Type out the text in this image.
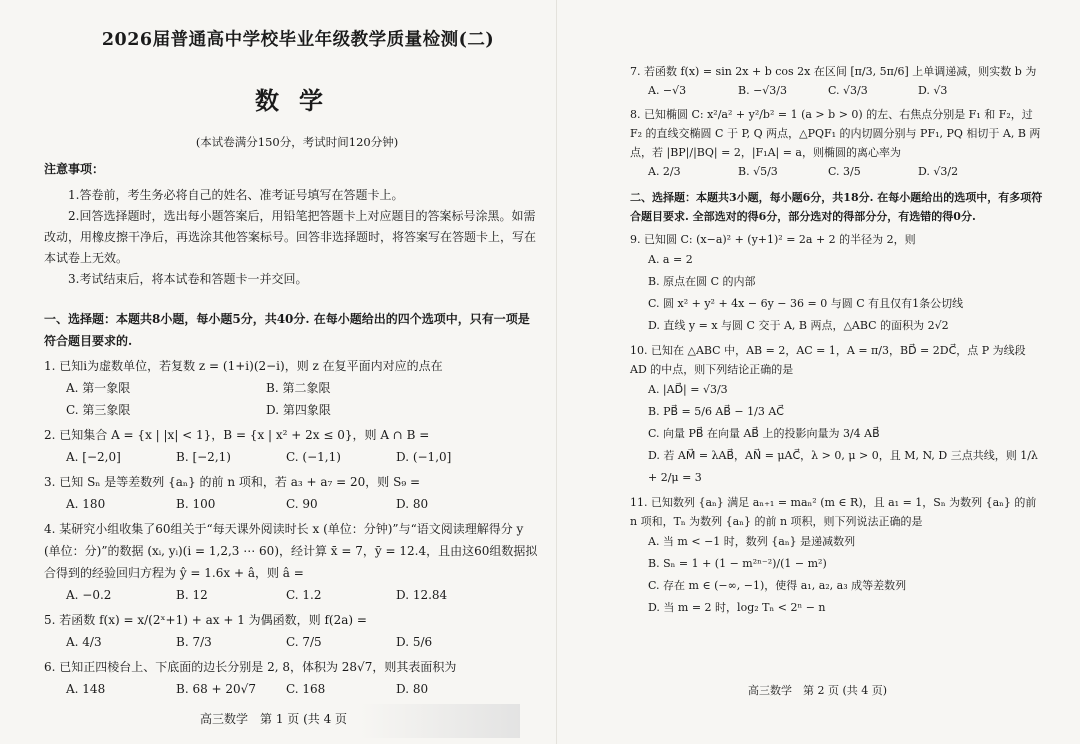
2026届普通高中学校毕业年级教学质量检测(二)
数学
(本试卷满分150分，考试时间120分钟)
注意事项：

1.答卷前，考生务必将自己的姓名、准考证号填写在答题卡上。

2.回答选择题时，选出每小题答案后，用铅笔把答题卡上对应题目的答案标号涂黑。如需改动，用橡皮擦干净后，再选涂其他答案标号。回答非选择题时，将答案写在答题卡上，写在本试卷上无效。

3.考试结束后，将本试卷和答题卡一并交回。

一、选择题：本题共8小题，每小题5分，共40分. 在每小题给出的四个选项中，只有一项是符合题目要求的.
1. 已知i为虚数单位，若复数 z = (1+i)(2−i)，则 z 在复平面内对应的点在
A. 第一象限	B. 第二象限
C. 第三象限	D. 第四象限
2. 已知集合 A = {x | |x| < 1}，B = {x | x² + 2x ≤ 0}，则 A ∩ B =
A. [−2,0]	B. [−2,1)	C. (−1,1)	D. (−1,0]
3. 已知 Sₙ 是等差数列 {aₙ} 的前 n 项和，若 a₃ + a₇ = 20，则 S₉ =
A. 180	B. 100	C. 90	D. 80
4. 某研究小组收集了60组关于“每天课外阅读时长 x (单位：分钟)”与“语文阅读理解得分 y (单位：分)”的数据 (xᵢ, yᵢ)(i = 1,2,3 ⋯ 60)，经计算 x̄ = 7，ȳ = 12.4，且由这60组数据拟合得到的经验回归方程为 ŷ = 1.6x + â，则 â =
A. −0.2	B. 12	C. 1.2	D. 12.84
5. 若函数 f(x) = x/(2ˣ+1) + ax + 1 为偶函数，则 f(2a) =
A. 4/3	B. 7/3	C. 7/5	D. 5/6
6. 已知正四棱台上、下底面的边长分别是 2, 8，体积为 28√7，则其表面积为
A. 148	B. 68 + 20√7	C. 168	D. 80
高三数学　第 1 页 (共 4 页
7. 若函数 f(x) = sin 2x + b cos 2x 在区间 [π/3, 5π/6] 上单调递减，则实数 b 为
A. −√3	B. −√3/3	C. √3/3	D. √3
8. 已知椭圆 C: x²/a² + y²/b² = 1 (a > b > 0) 的左、右焦点分别是 F₁ 和 F₂，过 F₂ 的直线交椭圆 C 于 P, Q 两点，△PQF₁ 的内切圆分别与 PF₁, PQ 相切于 A, B 两点，若 |BP|/|BQ| = 2，|F₁A| = a，则椭圆的离心率为
A. 2/3	B. √5/3	C. 3/5	D. √3/2
二、选择题：本题共3小题，每小题6分，共18分. 在每小题给出的选项中，有多项符合题目要求. 全部选对的得6分，部分选对的得部分分，有选错的得0分.
9. 已知圆 C: (x−a)² + (y+1)² = 2a + 2 的半径为 2，则
A. a = 2
B. 原点在圆 C 的内部
C. 圆 x² + y² + 4x − 6y − 36 = 0 与圆 C 有且仅有1条公切线
D. 直线 y = x 与圆 C 交于 A, B 两点，△ABC 的面积为 2√2
10. 已知在 △ABC 中，AB = 2，AC = 1，A = π/3，BD⃗ = 2DC⃗，点 P 为线段 AD 的中点，则下列结论正确的是
A. |AD⃗| = √3/3
B. PB⃗ = 5/6 AB⃗ − 1/3 AC⃗
C. 向量 PB⃗ 在向量 AB⃗ 上的投影向量为 3/4 AB⃗
D. 若 AM⃗ = λAB⃗，AN⃗ = μAC⃗，λ > 0, μ > 0，且 M, N, D 三点共线，则 1/λ + 2/μ = 3
11. 已知数列 {aₙ} 满足 aₙ₊₁ = maₙ² (m ∈ R)，且 a₁ = 1，Sₙ 为数列 {aₙ} 的前 n 项和，Tₙ 为数列 {aₙ} 的前 n 项积，则下列说法正确的是
A. 当 m < −1 时，数列 {aₙ} 是递减数列
B. Sₙ = 1 + (1 − m²ⁿ⁻²)/(1 − m²)
C. 存在 m ∈ (−∞, −1)，使得 a₁, a₂, a₃ 成等差数列
D. 当 m = 2 时，log₂ Tₙ < 2ⁿ − n
高三数学　第 2 页 (共 4 页)
